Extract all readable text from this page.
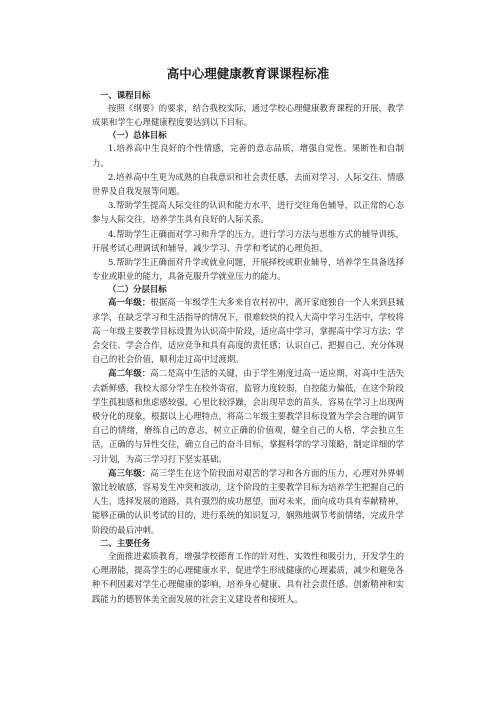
高中心理健康教育课课程标准
一、课程目标

按照《纲要》的要求，结合我校实际，通过学校心理健康教育课程的开展，教学成果和学生心理健康程度要达到以下目标。

（一）总体目标

1.培养高中生良好的个性情感，完善的意志品质，增强自觉性、果断性和自制力。

2.培养高中生更为成熟的自我意识和社会责任感，去面对学习、人际交往、情感世界及自我发展等问题。

3.帮助学生提高人际交往的认识和能力水平，进行交往角色辅导，以正常的心态参与人际交往，培养学生具有良好的人际关系。

4.帮助学生正确面对学习和升学的压力，进行学习方法与思维方式的辅导训练，开展考试心理调试和辅导，减少学习、升学和考试的心理负担。

5.帮助学生正确面对升学或就业问题，开展择校或职业辅导，培养学生具备选择专业或职业的能力，具备克服升学就业压力的能力。

（二）分层目标

高一年级：根据高一年级学生大多来自农村初中，离开家庭独自一个人来到县城求学，在缺乏学习和生活指导的情况下，很难较快的投入大高中学习生活中，学校将高一年级主要教学目标设置为认识高中阶段，适应高中学习，掌握高中学习方法；学会交往、学会合作，适应竞争和具有高度的责任感；认识自己、把握自己，充分体现自己的社会价值，顺利走过高中过渡期。

高二年级：高二是高中生活的关键，由于学生刚度过高一适应期，对高中生活失去新鲜感，我校大部分学生在校外寄宿，监管力度较弱，自控能力偏低，在这个阶段学生孤独感和焦虑感较强，心里比较浮躁，会出现早恋的苗头，容易在学习上出现两极分化的现象，根据以上心理特点，将高二年级主要教学目标设置为学会合理的调节自己的情绪，磨练自己的意志，树立正确的价值观，健全自己的人格，学会独立生活，正确的与异性交往，确立自己的奋斗目标，掌握科学的学习策略，制定详细的学习计划，为高三学习打下坚实基础。

高三年级：高三学生在这个阶段面对艰苦的学习和各方面的压力，心理对外界刺激比较敏感，容易发生冲突和波动，这个阶段的主要教学目标为培养学生把握自己的人生，选择发展的道路，具有强烈的成功愿望，面对未来，面向成功具有奉献精神，能够正确的认识考试的目的，进行系统的知识复习，娴熟地调节考前情绪，完成升学阶段的最后冲刺。

二、主要任务

全面推进素质教育，增强学校德育工作的针对性、实效性和吸引力，开发学生的心理潜能，提高学生的心理健康水平，促进学生形成健康的心理素质，减少和避免各种不利因素对学生心理健康的影响，培养身心健康、具有社会责任感、创新精神和实践能力的德智体美全面发展的社会主义建设者和接班人。
